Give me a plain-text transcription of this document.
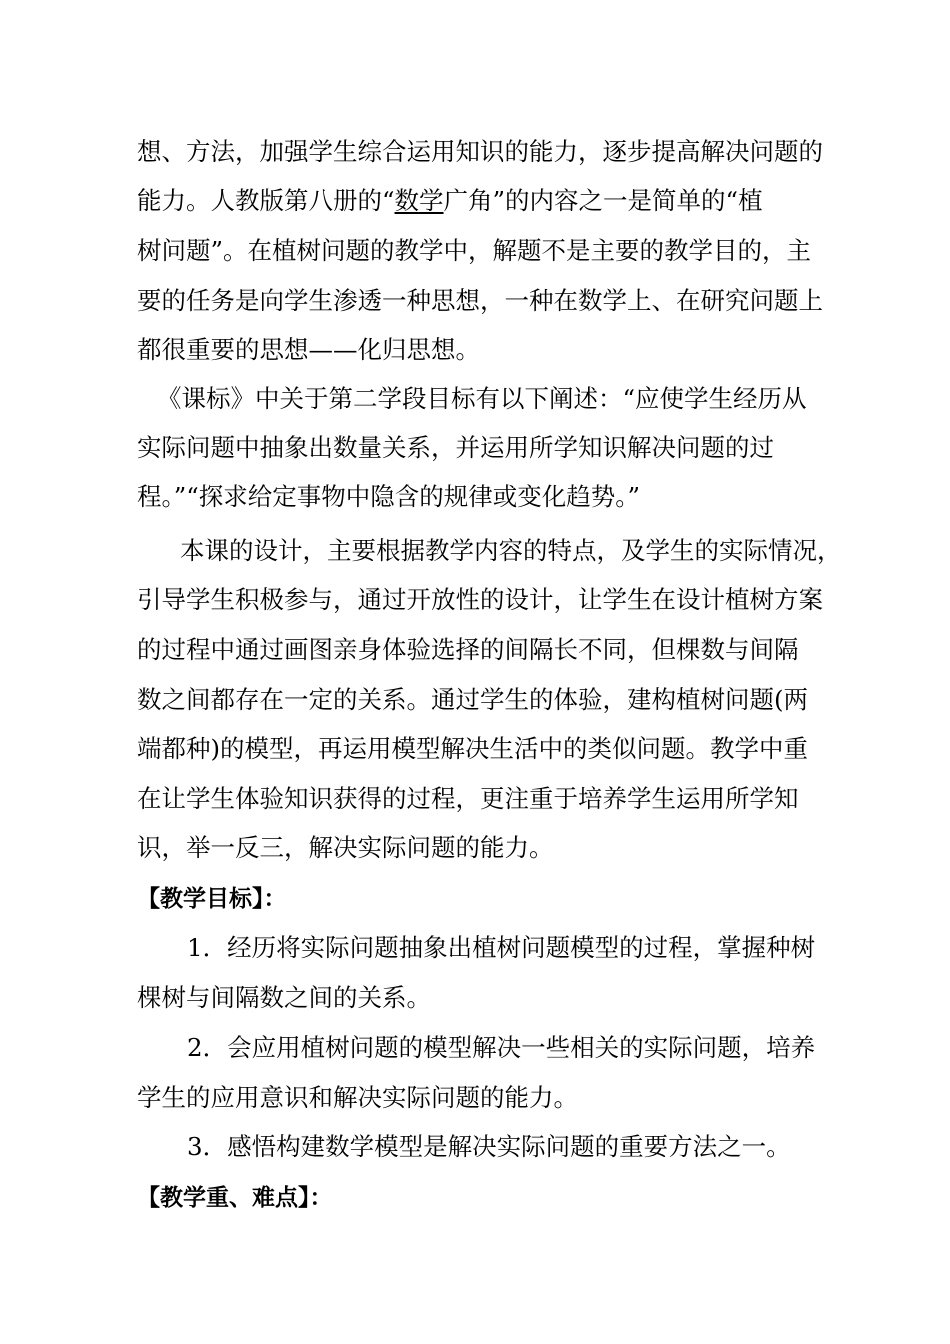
想、方法，加强学生综合运用知识的能力，逐步提高解决问题的
能力。人教版第八册的“数学广角”的内容之一是简单的“植
树问题”。在植树问题的教学中，解题不是主要的教学目的，主
要的任务是向学生渗透一种思想，一种在数学上、在研究问题上
都很重要的思想——化归思想。
《课标》中关于第二学段目标有以下阐述：“应使学生经历从
实际问题中抽象出数量关系，并运用所学知识解决问题的过
程。”“探求给定事物中隐含的规律或变化趋势。”
本课的设计，主要根据教学内容的特点，及学生的实际情况，
引导学生积极参与，通过开放性的设计，让学生在设计植树方案
的过程中通过画图亲身体验选择的间隔长不同，但棵数与间隔
数之间都存在一定的关系。通过学生的体验，建构植树问题(两
端都种)的模型，再运用模型解决生活中的类似问题。教学中重
在让学生体验知识获得的过程，更注重于培养学生运用所学知
识，举一反三，解决实际问题的能力。
【教学目标】：
1．经历将实际问题抽象出植树问题模型的过程，掌握种树
棵树与间隔数之间的关系。
2．会应用植树问题的模型解决一些相关的实际问题，培养
学生的应用意识和解决实际问题的能力。
3．感悟构建数学模型是解决实际问题的重要方法之一。
【教学重、难点】：
